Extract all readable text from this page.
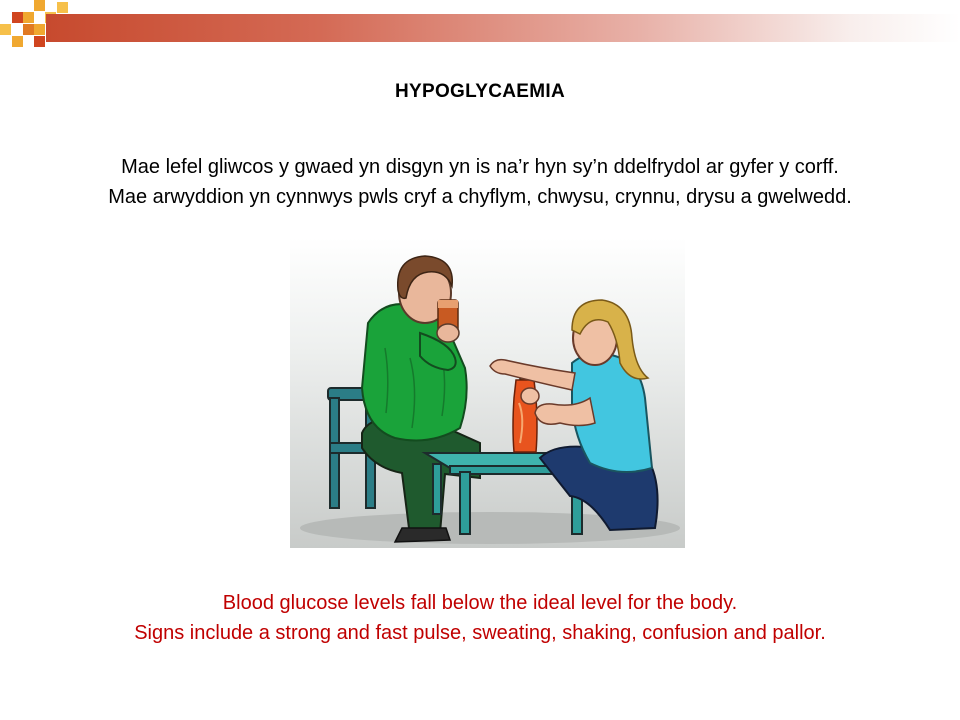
HYPOGLYCAEMIA
Mae lefel gliwcos y gwaed yn disgyn yn is na’r hyn sy’n ddelfrydol ar gyfer y corff.
Mae arwyddion yn cynnwys pwls cryf a chyflym, chwysu, crynnu, drysu a gwelwedd.
Blood glucose levels fall below the ideal level for the body.
Signs include a strong and fast pulse, sweating, shaking, confusion and pallor.
